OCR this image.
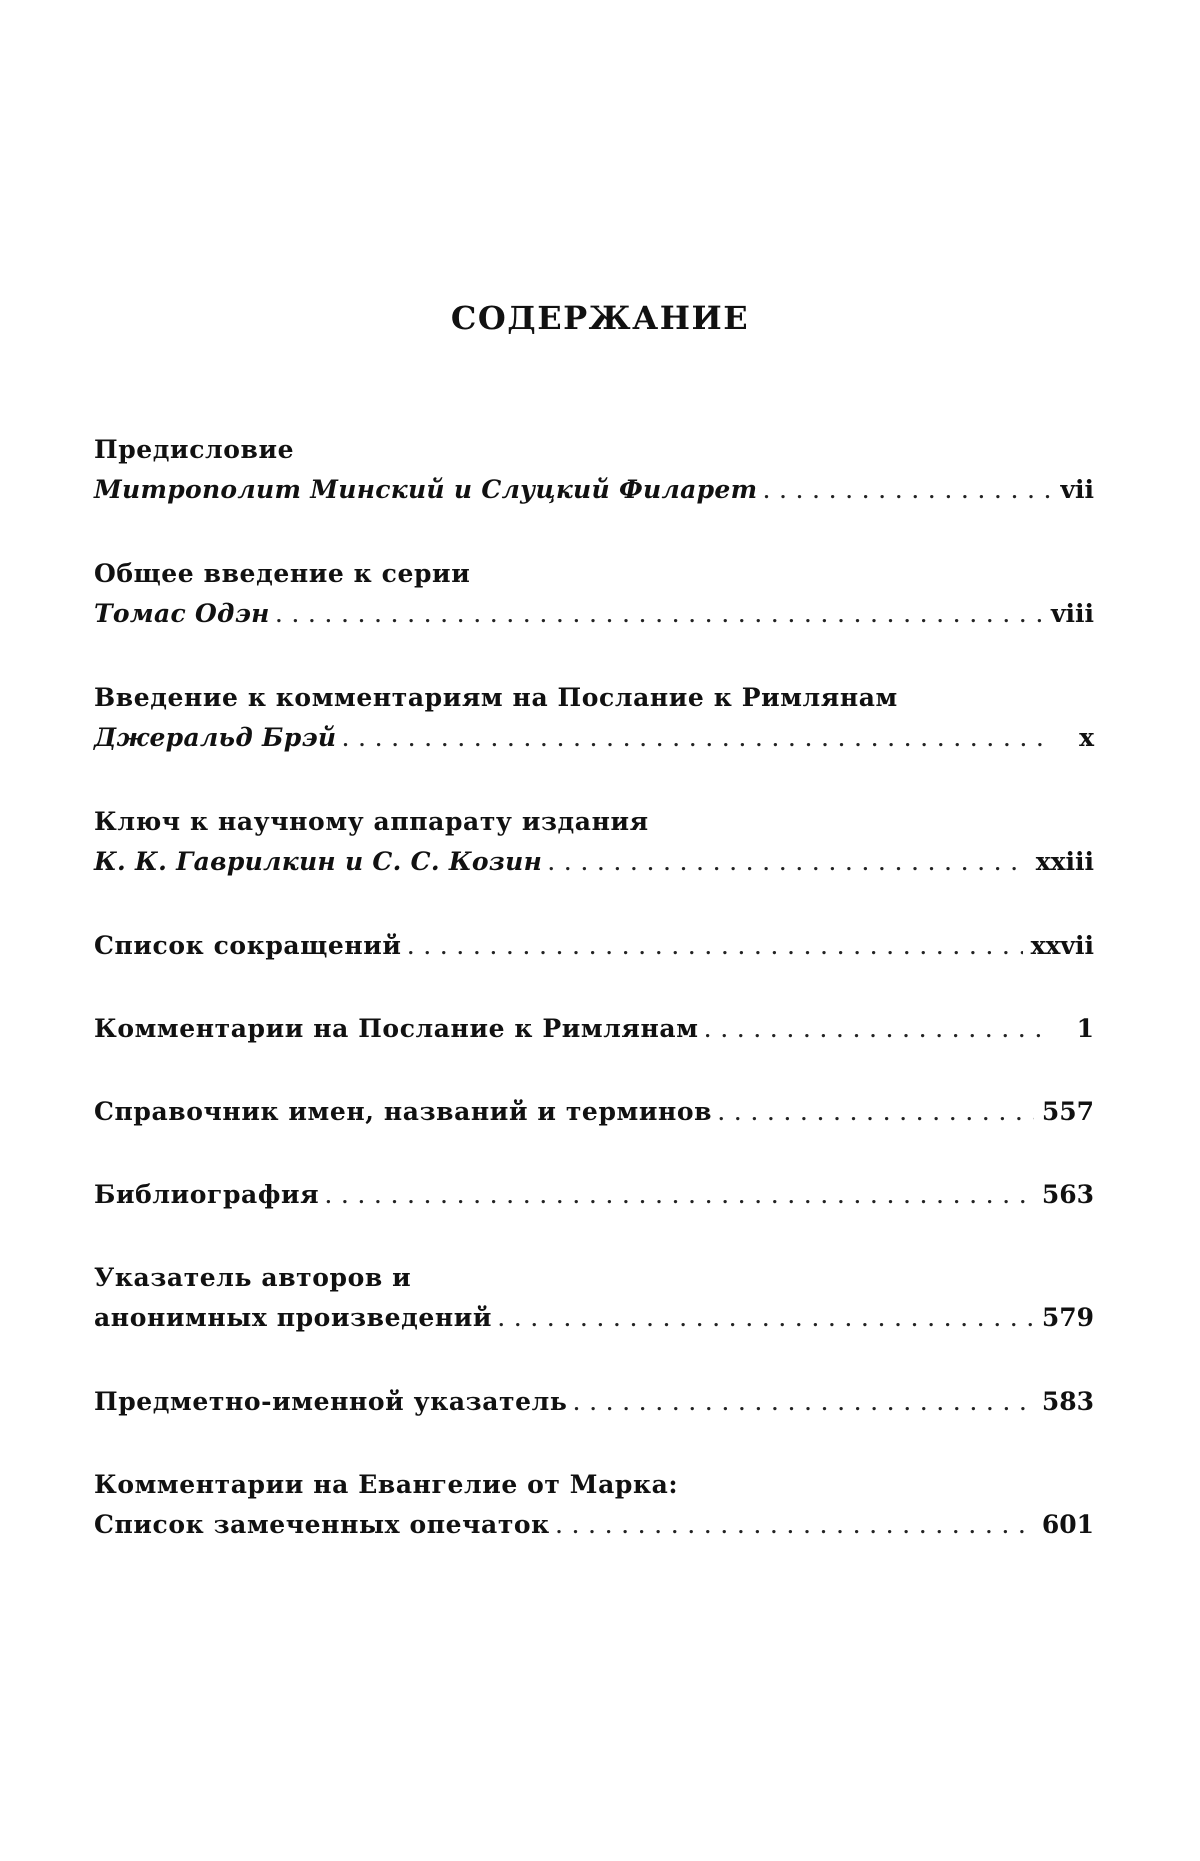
СОДЕРЖАНИЕ
Предисловие
Митрополит Минский и Слуцкий Филарет . . .	vii
Общее введение к серии
Томас Одэн . . .	viii
Введение к комментариям на Послание к Римлянам
Джеральд Брэй . . .	x
Ключ к научному аппарату издания
К. К. Гаврилкин и С. С. Козин . . .	xxiii
Список сокращений . . .	xxvii
Комментарии на Послание к Римлянам . . .	1
Справочник имен, названий и терминов . . .	557
Библиография . . .	563
Указатель авторов и
анонимных произведений . . .	579
Предметно-именной указатель . . .	583
Комментарии на Евангелие от Марка:
Список замеченных опечаток . . .	601
